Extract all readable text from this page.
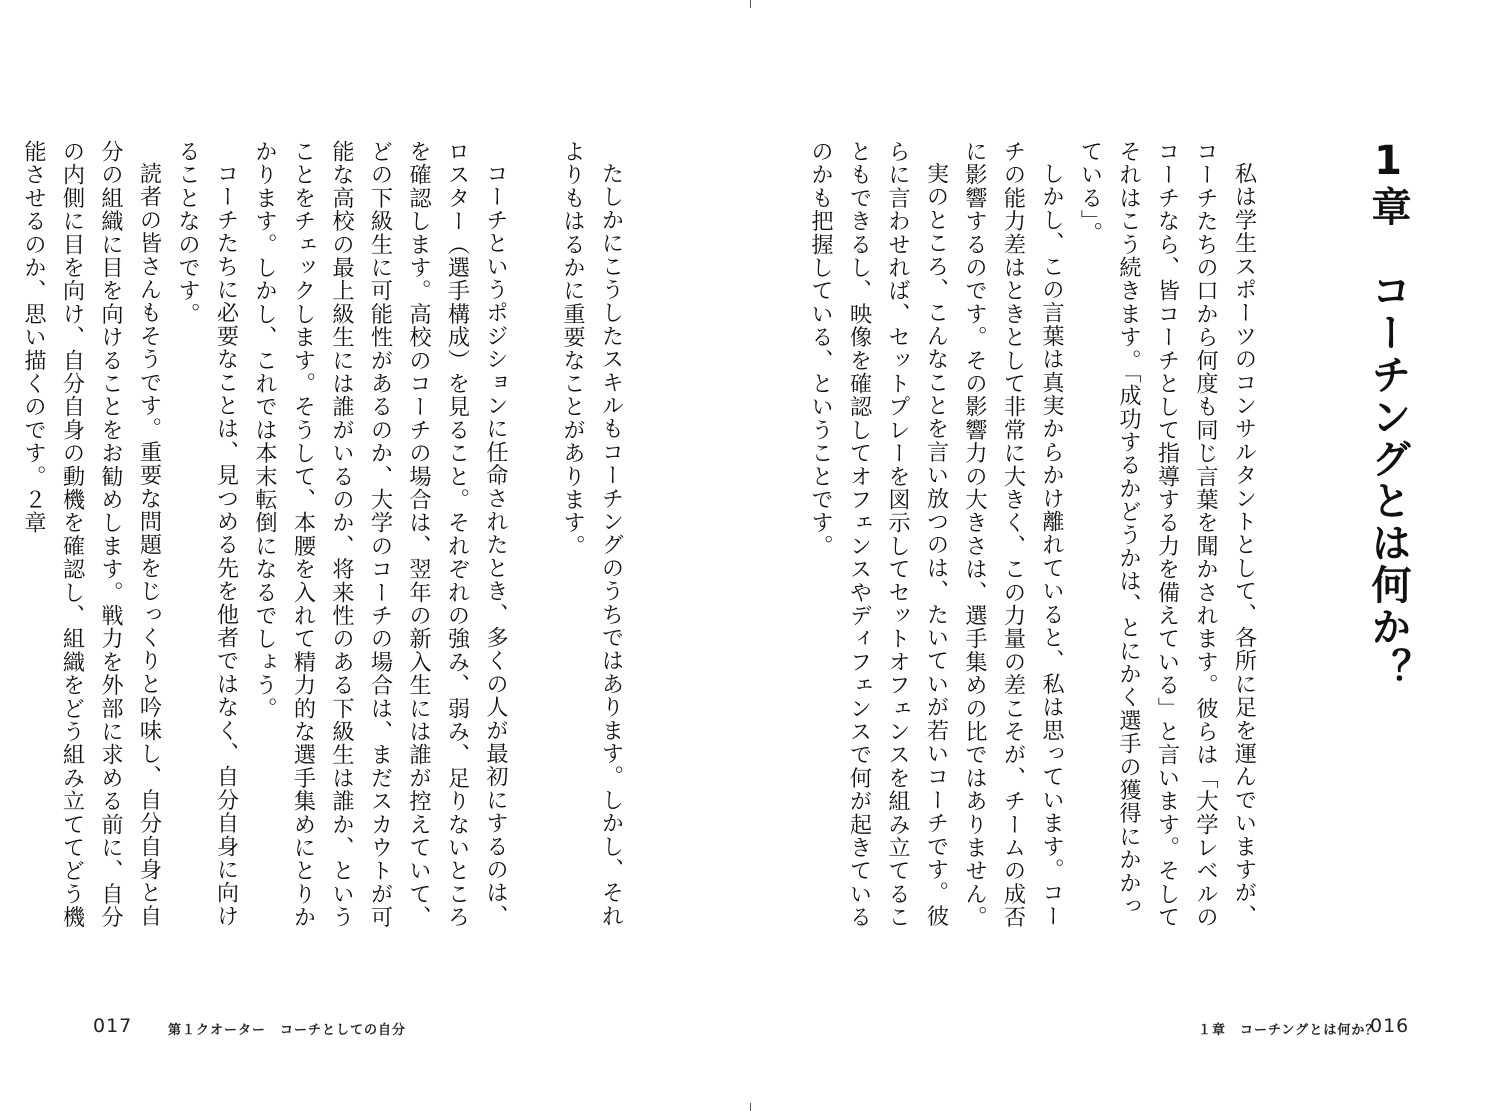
1章　コーチングとは何か？

私は学生スポーツのコンサルタントとして、各所に足を運んでいますが、コーチたちの口から何度も同じ言葉を聞かされます。彼らは「大学レベルのコーチなら、皆コーチとして指導する力を備えている」と言います。そしてそれはこう続きます。「成功するかどうかは、とにかく選手の獲得にかかっている」。

しかし、この言葉は真実からかけ離れていると、私は思っています。コーチの能力差はときとして非常に大きく、この力量の差こそが、チームの成否に影響するのです。その影響力の大きさは、選手集めの比ではありません。

実のところ、こんなことを言い放つのは、たいていが若いコーチです。彼らに言わせれば、セットプレーを図示してセットオフェンスを組み立てることもできるし、映像を確認してオフェンスやディフェンスで何が起きているのかも把握している、ということです。

たしかにこうしたスキルもコーチングのうちではあります。しかし、それよりもはるかに重要なことがあります。

コーチというポジションに任命されたとき、多くの人が最初にするのは、ロスター（選手構成）を見ること。それぞれの強み、弱み、足りないところを確認します。高校のコーチの場合は、翌年の新入生には誰が控えていて、どの下級生に可能性があるのか、大学のコーチの場合は、まだスカウトが可能な高校の最上級生には誰がいるのか、将来性のある下級生は誰か、ということをチェックします。そうして、本腰を入れて精力的な選手集めにとりかかります。しかし、これでは本末転倒になるでしょう。

コーチたちに必要なことは、見つめる先を他者ではなく、自分自身に向けることなのです。

読者の皆さんもそうです。重要な問題をじっくりと吟味し、自分自身と自分の組織に目を向けることをお勧めします。戦力を外部に求める前に、自分の内側に目を向け、自分自身の動機を確認し、組織をどう組み立ててどう機能させるのか、思い描くのです。２章

017	第１クオーター　コーチとしての自分	１章　コーチングとは何か？
016
